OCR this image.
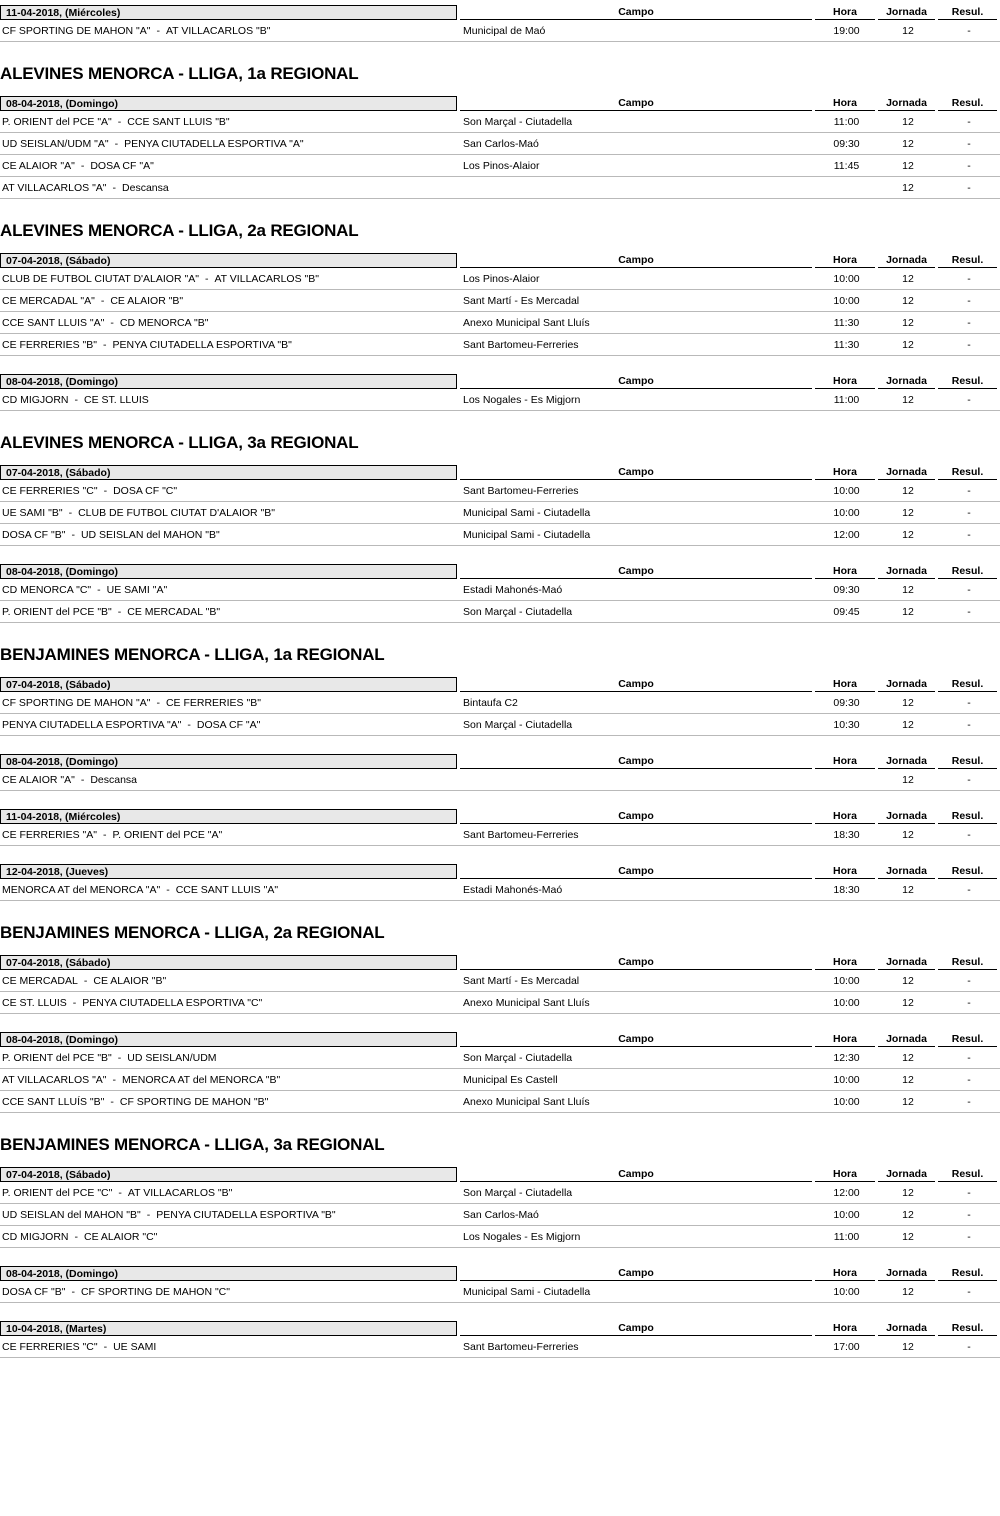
11-04-2018, (Miércoles)	Campo	Hora	Jornada	Resul.

CF SPORTING DE MAHON "A" - AT VILLACARLOS "B"	Municipal de Maó	19:00	12	-
ALEVINES MENORCA - LLIGA, 1a REGIONAL
08-04-2018, (Domingo)	Campo	Hora	Jornada	Resul.

P. ORIENT del PCE "A" - CCE SANT LLUIS "B"	Son Marçal - Ciutadella	11:00	12	-

UD SEISLAN/UDM "A" - PENYA CIUTADELLA ESPORTIVA "A"	San Carlos-Maó	09:30	12	-

CE ALAIOR "A" - DOSA CF "A"	Los Pinos-Alaior	11:45	12	-

AT VILLACARLOS "A" - Descansa			12	-
ALEVINES MENORCA - LLIGA, 2a REGIONAL
07-04-2018, (Sábado)	Campo	Hora	Jornada	Resul.

CLUB DE FUTBOL CIUTAT D'ALAIOR "A" - AT VILLACARLOS "B"	Los Pinos-Alaior	10:00	12	-

CE MERCADAL "A" - CE ALAIOR "B"	Sant Martí - Es Mercadal	10:00	12	-

CCE SANT LLUIS "A" - CD MENORCA "B"	Anexo Municipal Sant Lluís	11:30	12	-

CE FERRERIES "B" - PENYA CIUTADELLA ESPORTIVA "B"	Sant Bartomeu-Ferreries	11:30	12	-
08-04-2018, (Domingo)	Campo	Hora	Jornada	Resul.

CD MIGJORN - CE ST. LLUIS	Los Nogales - Es Migjorn	11:00	12	-
ALEVINES MENORCA - LLIGA, 3a REGIONAL
07-04-2018, (Sábado)	Campo	Hora	Jornada	Resul.

CE FERRERIES "C" - DOSA CF "C"	Sant Bartomeu-Ferreries	10:00	12	-

UE SAMI "B" - CLUB DE FUTBOL CIUTAT D'ALAIOR "B"	Municipal Sami - Ciutadella	10:00	12	-

DOSA CF "B" - UD SEISLAN del MAHON "B"	Municipal Sami - Ciutadella	12:00	12	-
08-04-2018, (Domingo)	Campo	Hora	Jornada	Resul.

CD MENORCA "C" - UE SAMI "A"	Estadi Mahonés-Maó	09:30	12	-

P. ORIENT del PCE "B" - CE MERCADAL "B"	Son Marçal - Ciutadella	09:45	12	-
BENJAMINES MENORCA - LLIGA, 1a REGIONAL
07-04-2018, (Sábado)	Campo	Hora	Jornada	Resul.

CF SPORTING DE MAHON "A" - CE FERRERIES "B"	Bintaufa C2	09:30	12	-

PENYA CIUTADELLA ESPORTIVA "A" - DOSA CF "A"	Son Marçal - Ciutadella	10:30	12	-
08-04-2018, (Domingo)	Campo	Hora	Jornada	Resul.

CE ALAIOR "A" - Descansa			12	-
11-04-2018, (Miércoles)	Campo	Hora	Jornada	Resul.

CE FERRERIES "A" - P. ORIENT del PCE "A"	Sant Bartomeu-Ferreries	18:30	12	-
12-04-2018, (Jueves)	Campo	Hora	Jornada	Resul.

MENORCA AT del MENORCA "A" - CCE SANT LLUIS "A"	Estadi Mahonés-Maó	18:30	12	-
BENJAMINES MENORCA - LLIGA, 2a REGIONAL
07-04-2018, (Sábado)	Campo	Hora	Jornada	Resul.

CE MERCADAL - CE ALAIOR "B"	Sant Martí - Es Mercadal	10:00	12	-

CE ST. LLUIS - PENYA CIUTADELLA ESPORTIVA "C"	Anexo Municipal Sant Lluís	10:00	12	-
08-04-2018, (Domingo)	Campo	Hora	Jornada	Resul.

P. ORIENT del PCE "B" - UD SEISLAN/UDM	Son Marçal - Ciutadella	12:30	12	-

AT VILLACARLOS "A" - MENORCA AT del MENORCA "B"	Municipal Es Castell	10:00	12	-

CCE SANT LLUÍS "B" - CF SPORTING DE MAHON "B"	Anexo Municipal Sant Lluís	10:00	12	-
BENJAMINES MENORCA - LLIGA, 3a REGIONAL
07-04-2018, (Sábado)	Campo	Hora	Jornada	Resul.

P. ORIENT del PCE "C" - AT VILLACARLOS "B"	Son Marçal - Ciutadella	12:00	12	-

UD SEISLAN del MAHON "B" - PENYA CIUTADELLA ESPORTIVA "B"	San Carlos-Maó	10:00	12	-

CD MIGJORN - CE ALAIOR "C"	Los Nogales - Es Migjorn	11:00	12	-
08-04-2018, (Domingo)	Campo	Hora	Jornada	Resul.

DOSA CF "B" - CF SPORTING DE MAHON "C"	Municipal Sami - Ciutadella	10:00	12	-
10-04-2018, (Martes)	Campo	Hora	Jornada	Resul.

CE FERRERIES "C" - UE SAMI	Sant Bartomeu-Ferreries	17:00	12	-
